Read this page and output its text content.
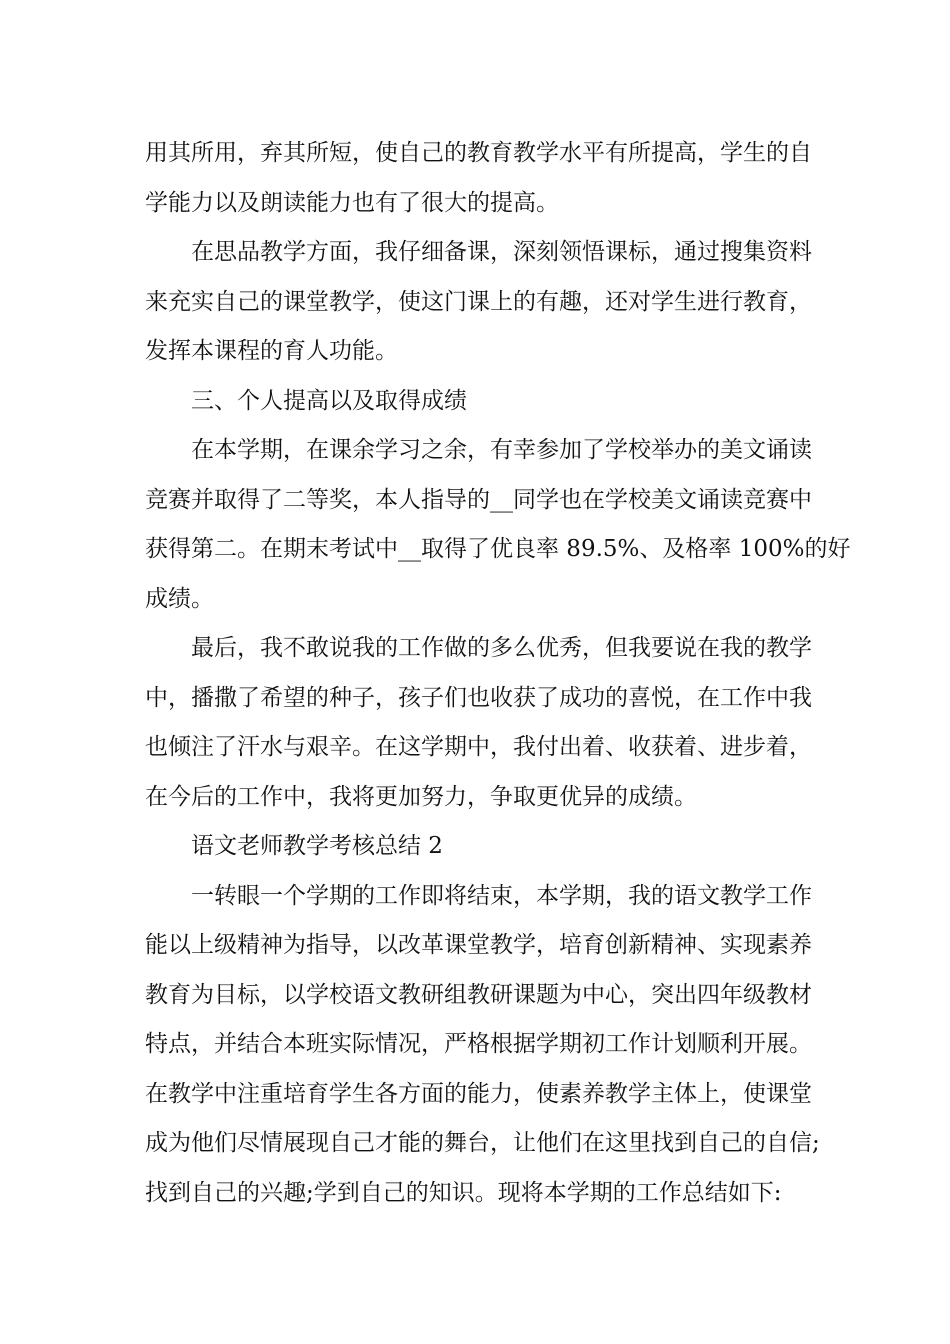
用其所用，弃其所短，使自己的教育教学水平有所提高，学生的自
学能力以及朗读能力也有了很大的提高。
在思品教学方面，我仔细备课，深刻领悟课标，通过搜集资料
来充实自己的课堂教学，使这门课上的有趣，还对学生进行教育，
发挥本课程的育人功能。
三、个人提高以及取得成绩
在本学期，在课余学习之余，有幸参加了学校举办的美文诵读
竞赛并取得了二等奖，本人指导的__同学也在学校美文诵读竞赛中
获得第二。在期末考试中__取得了优良率 89.5%、及格率 100%的好
成绩。
最后，我不敢说我的工作做的多么优秀，但我要说在我的教学
中，播撒了希望的种子，孩子们也收获了成功的喜悦，在工作中我
也倾注了汗水与艰辛。在这学期中，我付出着、收获着、进步着，
在今后的工作中，我将更加努力，争取更优异的成绩。
语文老师教学考核总结 2
一转眼一个学期的工作即将结束，本学期，我的语文教学工作
能以上级精神为指导，以改革课堂教学，培育创新精神、实现素养
教育为目标，以学校语文教研组教研课题为中心，突出四年级教材
特点，并结合本班实际情况，严格根据学期初工作计划顺利开展。
在教学中注重培育学生各方面的能力，使素养教学主体上，使课堂
成为他们尽情展现自己才能的舞台，让他们在这里找到自己的自信;
找到自己的兴趣;学到自己的知识。现将本学期的工作总结如下:
